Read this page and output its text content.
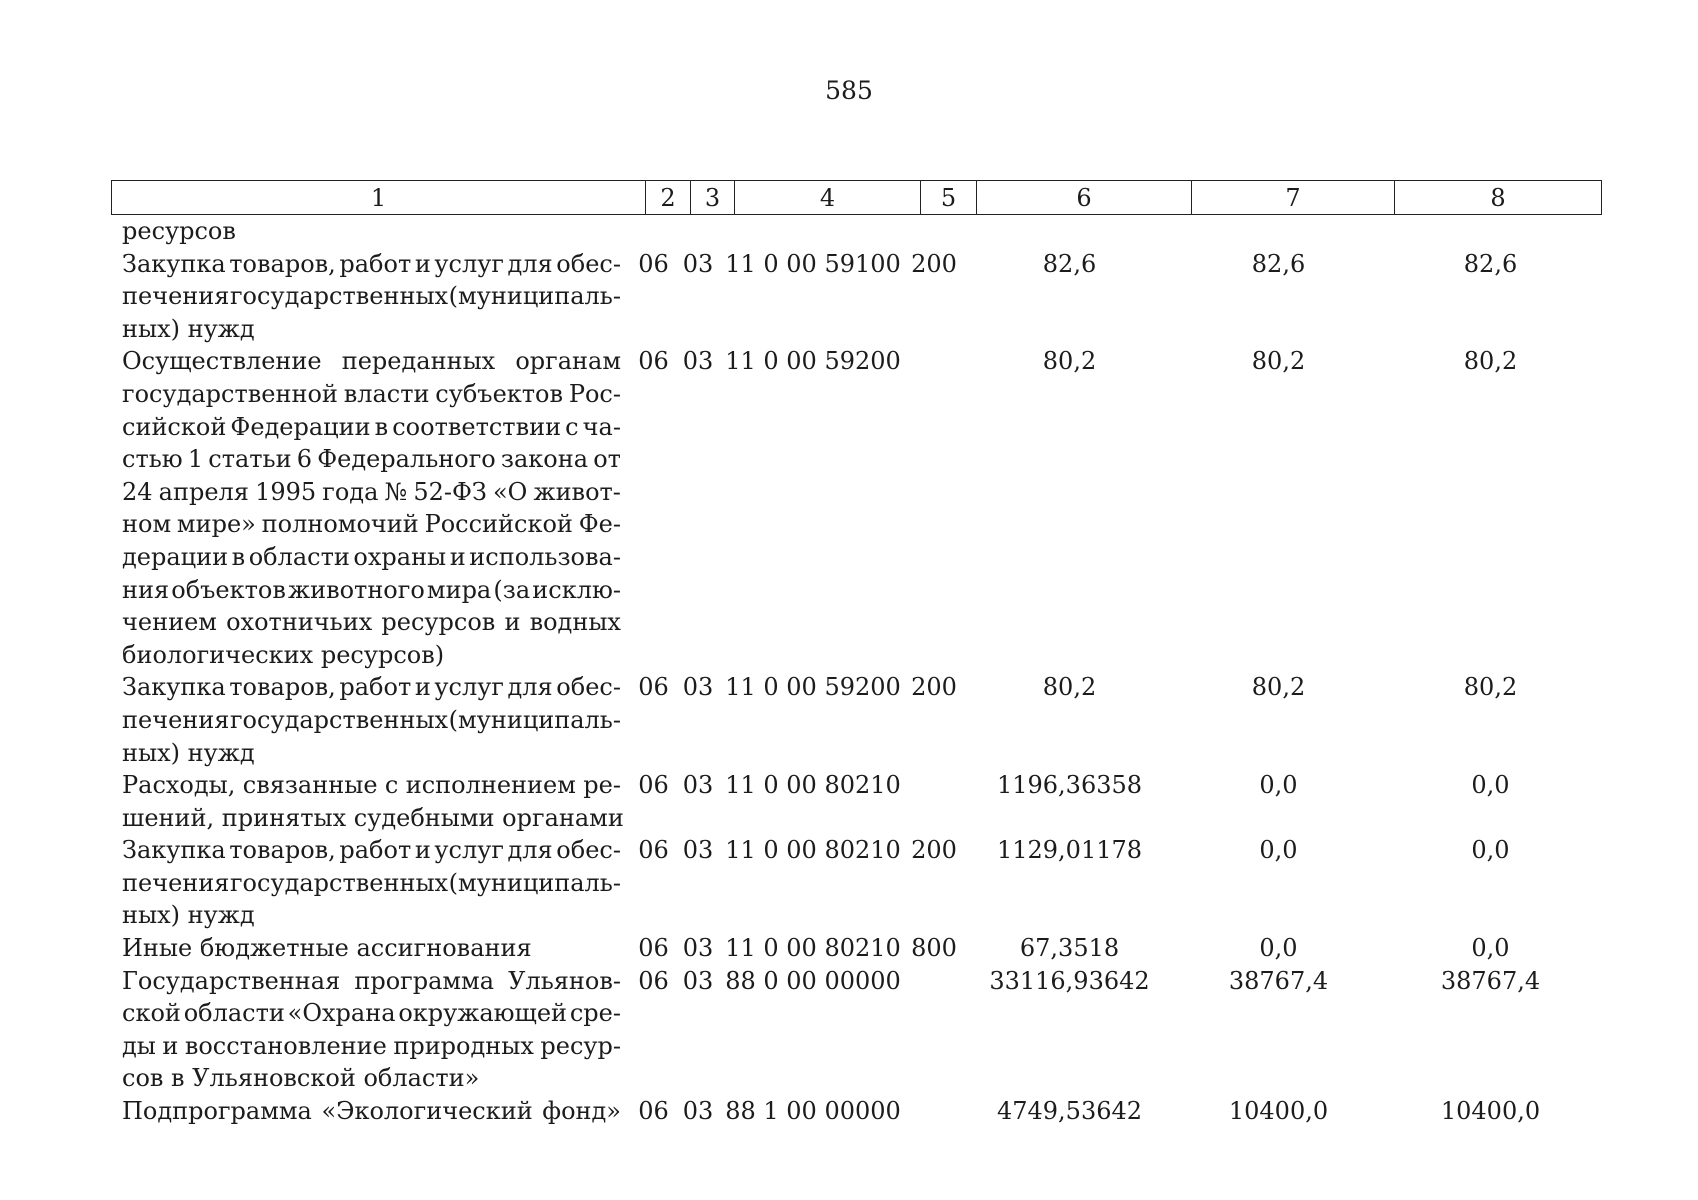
585
1	2	3	4	5	6	7	8
ресурсов
Закупка товаров, работ и услуг для обес-
печения государственных (муниципаль-
ных) нужд
06 03 11 0 00 59100 200	82,6	82,6	82,6
Осуществление переданных органам
государственной власти субъектов Рос-
сийской Федерации в соответствии с ча-
стью 1 статьи 6 Федерального закона от
24 апреля 1995 года № 52-ФЗ «О живот-
ном мире» полномочий Российской Фе-
дерации в области охраны и использова-
ния объектов животного мира (за исклю-
чением охотничьих ресурсов и водных
биологических ресурсов)
06 03 11 0 00 59200	80,2	80,2	80,2
Закупка товаров, работ и услуг для обес-
печения государственных (муниципаль-
ных) нужд
06 03 11 0 00 59200 200	80,2	80,2	80,2
Расходы, связанные с исполнением ре-
шений, принятых судебными органами
06 03 11 0 00 80210	1196,36358	0,0	0,0
Закупка товаров, работ и услуг для обес-
печения государственных (муниципаль-
ных) нужд
06 03 11 0 00 80210 200	1129,01178	0,0	0,0
Иные бюджетные ассигнования	06 03 11 0 00 80210 800	67,3518	0,0	0,0
Государственная программа Ульянов-
ской области «Охрана окружающей сре-
ды и восстановление природных ресур-
сов в Ульяновской области»
06 03 88 0 00 00000	33116,93642	38767,4	38767,4
Подпрограмма «Экологический фонд» 06 03 88 1 00 00000	4749,53642	10400,0	10400,0
